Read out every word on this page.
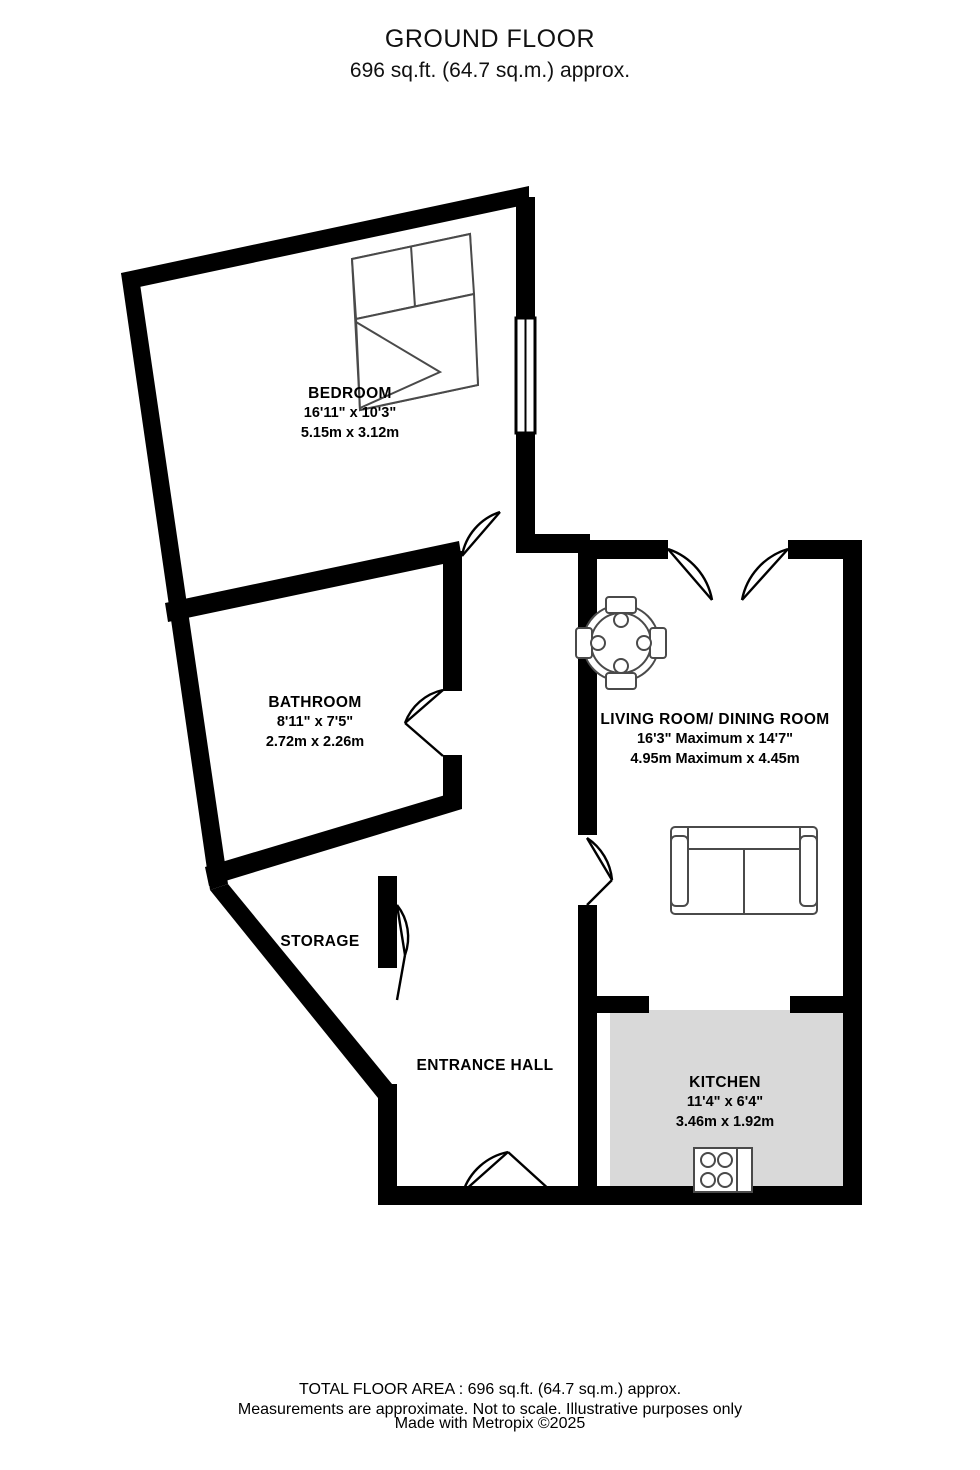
GROUND FLOOR
696 sq.ft. (64.7 sq.m.) approx.
BEDROOM
16'11" x 10'3"
5.15m x 3.12m
BATHROOM
8'11" x 7'5"
2.72m x 2.26m
STORAGE
ENTRANCE HALL
LIVING ROOM/ DINING ROOM
16'3" Maximum x 14'7"
4.95m Maximum x 4.45m
KITCHEN
11'4" x 6'4"
3.46m x 1.92m
TOTAL FLOOR AREA : 696 sq.ft. (64.7 sq.m.) approx.
Measurements are approximate. Not to scale. Illustrative purposes only
Made with Metropix ©2025
